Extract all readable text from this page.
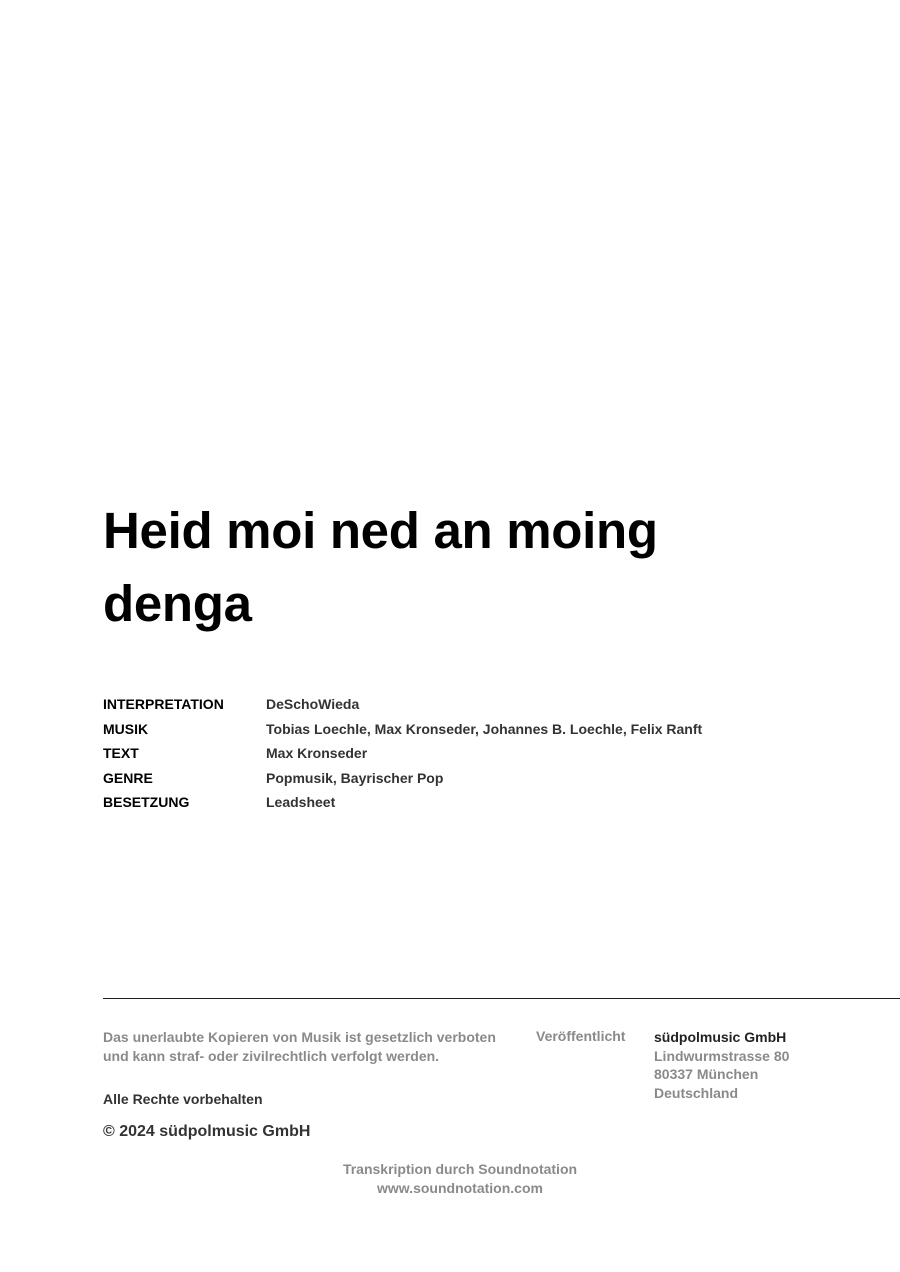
Heid moi ned an moing denga
INTERPRETATION	DeSchoWieda
MUSIK	Tobias Loechle, Max Kronseder, Johannes B. Loechle, Felix Ranft
TEXT	Max Kronseder
GENRE	Popmusik, Bayrischer Pop
BESETZUNG	Leadsheet
Das unerlaubte Kopieren von Musik ist gesetzlich verboten
und kann straf- oder zivilrechtlich verfolgt werden.
Alle Rechte vorbehalten
© 2024 südpolmusic GmbH
Veröffentlicht südpolmusic GmbH
Lindwurmstrasse 80
80337 München
Deutschland
Transkription durch Soundnotation
www.soundnotation.com
